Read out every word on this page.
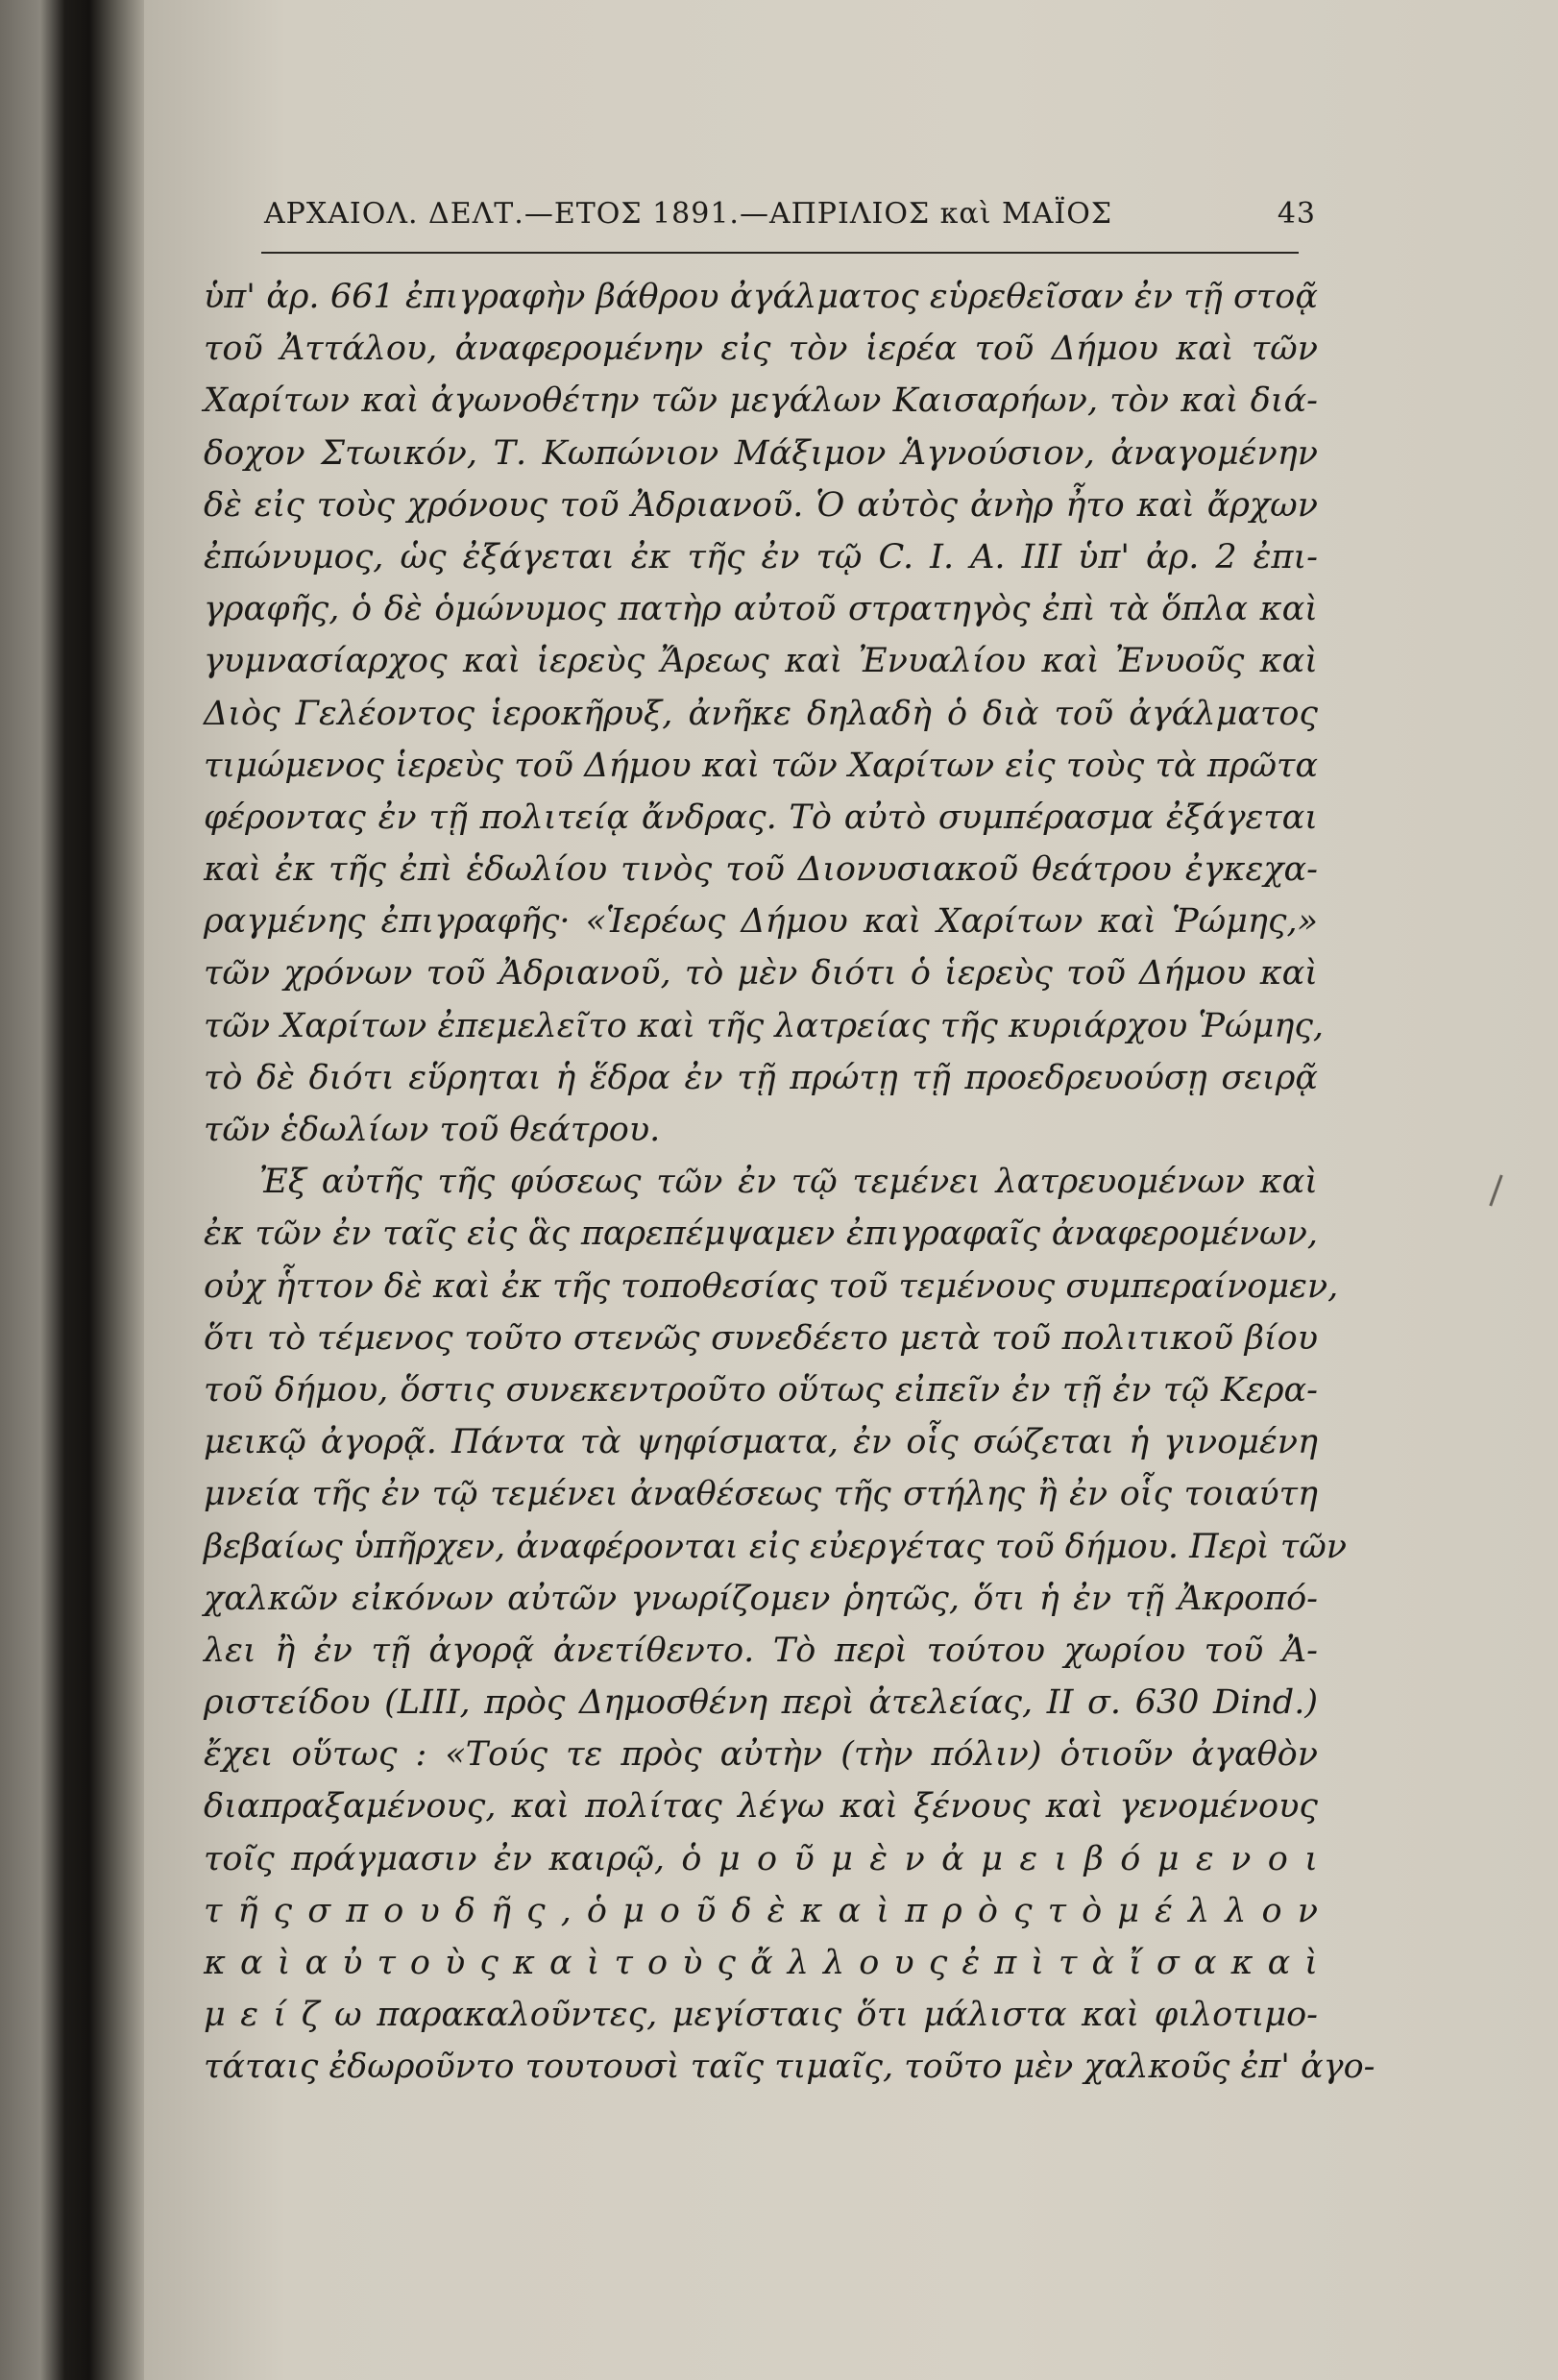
ΑΡΧΑΙΟΛ. ΔΕΛΤ.—ΕΤΟΣ 1891.—ΑΠΡΙΛΙΟΣ καὶ ΜΑΪΟΣ	43
ὑπ' ἀρ. 661 ἐπιγραφὴν βάθρου ἀγάλματος εὑρεθεῖσαν ἐν τῇ στοᾷ
τοῦ Ἀττάλου, ἀναφερομένην εἰς τὸν ἱερέα τοῦ Δήμου καὶ τῶν
Χαρίτων καὶ ἀγωνοθέτην τῶν μεγάλων Καισαρήων, τὸν καὶ διά-
δοχον Στωικόν, Τ. Κωπώνιον Μάξιμον Ἁγνούσιον, ἀναγομένην
δὲ εἰς τοὺς χρόνους τοῦ Ἀδριανοῦ. Ὁ αὐτὸς ἀνὴρ ἦτο καὶ ἄρχων
ἐπώνυμος, ὡς ἐξάγεται ἐκ τῆς ἐν τῷ C. I. A. III ὑπ' ἀρ. 2 ἐπι-
γραφῆς, ὁ δὲ ὁμώνυμος πατὴρ αὐτοῦ στρατηγὸς ἐπὶ τὰ ὅπλα καὶ
γυμνασίαρχος καὶ ἱερεὺς Ἄρεως καὶ Ἐνυαλίου καὶ Ἐνυοῦς καὶ
Διὸς Γελέοντος ἱεροκῆρυξ, ἀνῆκε δηλαδὴ ὁ διὰ τοῦ ἀγάλματος
τιμώμενος ἱερεὺς τοῦ Δήμου καὶ τῶν Χαρίτων εἰς τοὺς τὰ πρῶτα
φέροντας ἐν τῇ πολιτείᾳ ἄνδρας. Τὸ αὐτὸ συμπέρασμα ἐξάγεται
καὶ ἐκ τῆς ἐπὶ ἑδωλίου τινὸς τοῦ Διονυσιακοῦ θεάτρου ἐγκεχα-
ραγμένης ἐπιγραφῆς· «Ἱερέως Δήμου καὶ Χαρίτων καὶ Ῥώμης,»
τῶν χρόνων τοῦ Ἀδριανοῦ, τὸ μὲν διότι ὁ ἱερεὺς τοῦ Δήμου καὶ
τῶν Χαρίτων ἐπεμελεῖτο καὶ τῆς λατρείας τῆς κυριάρχου Ῥώμης,
τὸ δὲ διότι εὕρηται ἡ ἕδρα ἐν τῇ πρώτῃ τῇ προεδρευούσῃ σειρᾷ
τῶν ἑδωλίων τοῦ θεάτρου.
Ἐξ αὐτῆς τῆς φύσεως τῶν ἐν τῷ τεμένει λατρευομένων καὶ
ἐκ τῶν ἐν ταῖς εἰς ἃς παρεπέμψαμεν ἐπιγραφαῖς ἀναφερομένων,
οὐχ ἧττον δὲ καὶ ἐκ τῆς τοποθεσίας τοῦ τεμένους συμπεραίνομεν,
ὅτι τὸ τέμενος τοῦτο στενῶς συνεδέετο μετὰ τοῦ πολιτικοῦ βίου
τοῦ δήμου, ὅστις συνεκεντροῦτο οὕτως εἰπεῖν ἐν τῇ ἐν τῷ Κερα-
μεικῷ ἀγορᾷ. Πάντα τὰ ψηφίσματα, ἐν οἷς σώζεται ἡ γινομένη
μνεία τῆς ἐν τῷ τεμένει ἀναθέσεως τῆς στήλης ἢ ἐν οἷς τοιαύτη
βεβαίως ὑπῆρχεν, ἀναφέρονται εἰς εὐεργέτας τοῦ δήμου. Περὶ τῶν
χαλκῶν εἰκόνων αὐτῶν γνωρίζομεν ῥητῶς, ὅτι ἡ ἐν τῇ Ἀκροπό-
λει ἢ ἐν τῇ ἀγορᾷ ἀνετίθεντο. Τὸ περὶ τούτου χωρίου τοῦ Ἀ-
ριστείδου (LIII, πρὸς Δημοσθένη περὶ ἀτελείας, II σ. 630 Dind.)
ἔχει οὕτως : «Τούς τε πρὸς αὐτὴν (τὴν πόλιν) ὁτιοῦν ἀγαθὸν
διαπραξαμένους, καὶ πολίτας λέγω καὶ ξένους καὶ γενομένους
τοῖς πράγμασιν ἐν καιρῷ, ὁ μ ο ῦ μ ὲ ν ἀ μ ε ι β ό μ ε ν ο ι
τ ῆ ς σ π ο υ δ ῆ ς , ὁ μ ο ῦ δ ὲ κ α ὶ π ρ ὸ ς τ ὸ μ έ λ λ ο ν
κ α ὶ α ὐ τ ο ὺ ς κ α ὶ τ ο ὺ ς ἄ λ λ ο υ ς ἐ π ὶ τ ὰ ἴ σ α κ α ὶ
μ ε ί ζ ω παρακαλοῦντες, μεγίσταις ὅτι μάλιστα καὶ φιλοτιμο-
τάταις ἐδωροῦντο τουτουσὶ ταῖς τιμαῖς, τοῦτο μὲν χαλκοῦς ἐπ' ἀγο-
